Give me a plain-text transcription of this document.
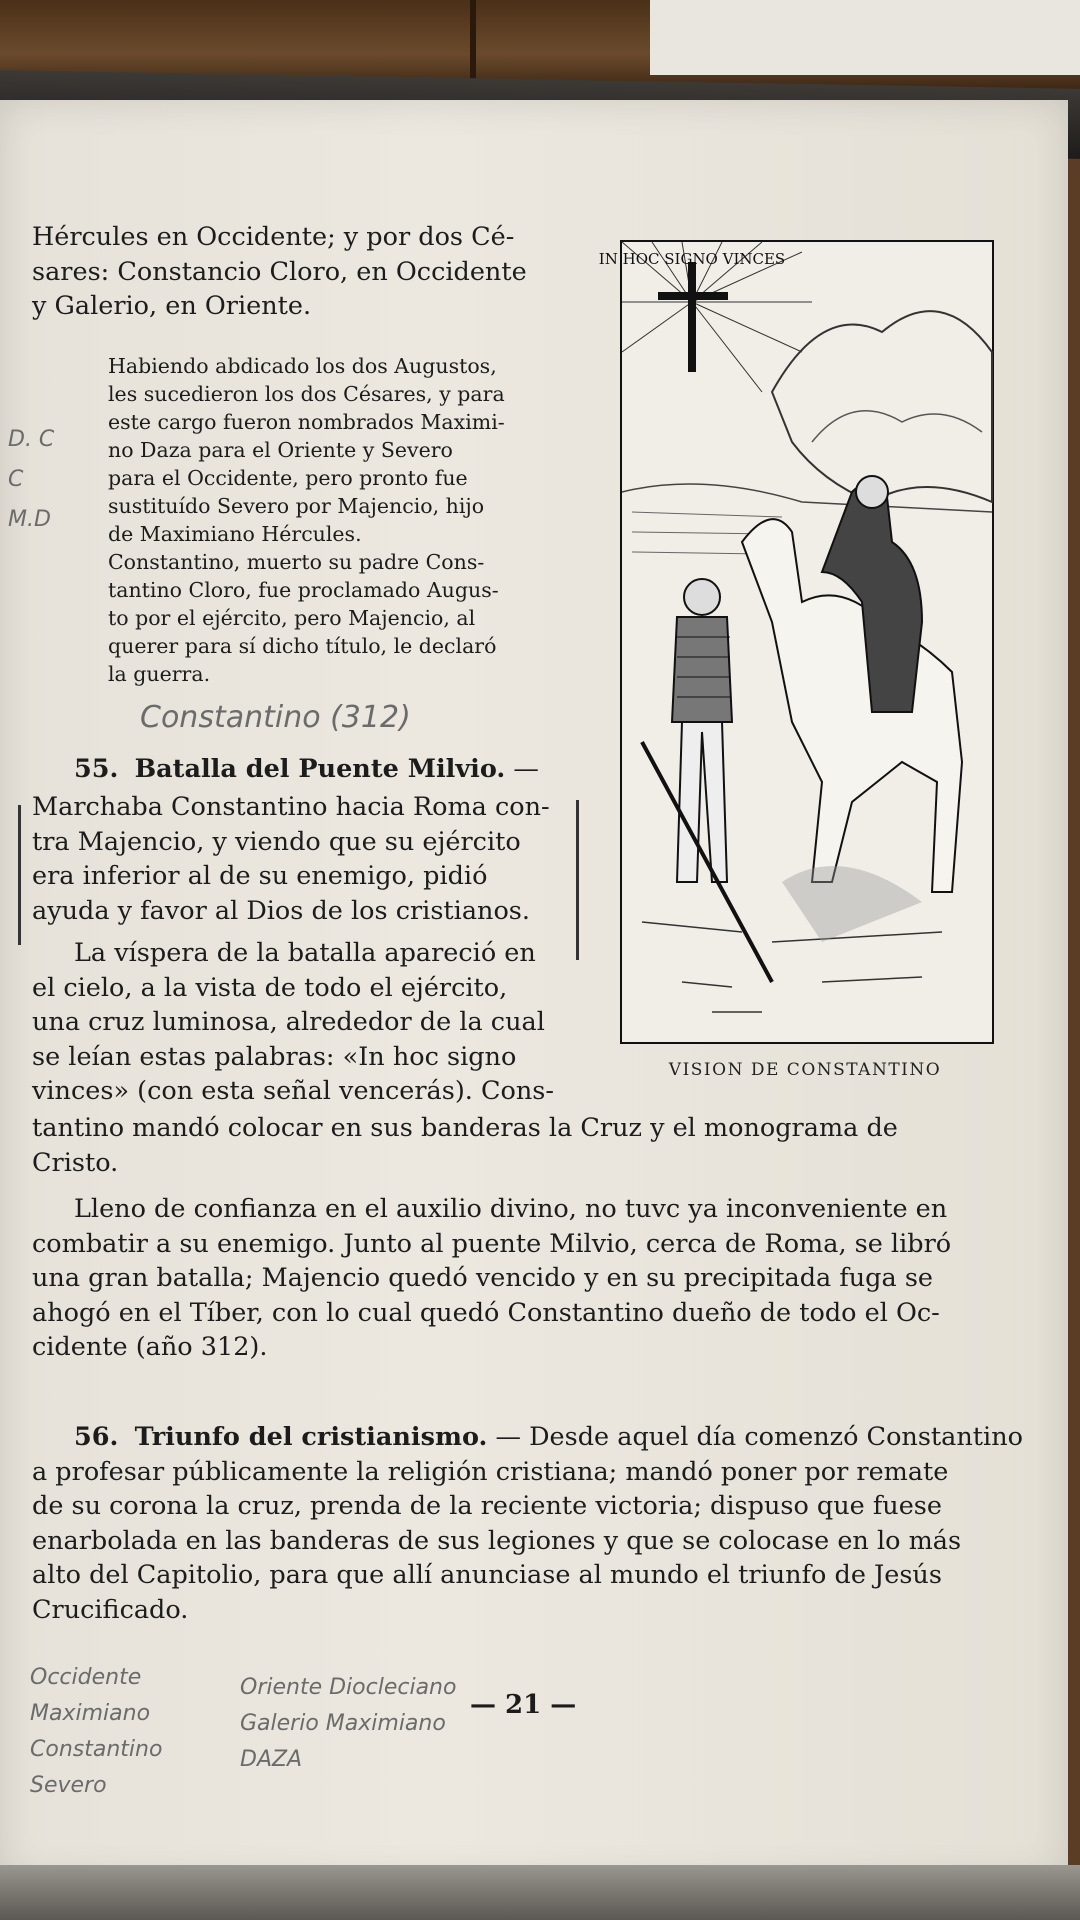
Hércules en Occidente; y por dos Cé-
sares: Constancio Cloro, en Occidente
y Galerio, en Oriente.
Habiendo abdicado los dos Augustos,
les sucedieron los dos Césares, y para
este cargo fueron nombrados Maximi-
no Daza para el Oriente y Severo
para el Occidente, pero pronto fue
sustituído Severo por Majencio, hijo
de Maximiano Hércules.
Constantino, muerto su padre Cons-
tantino Cloro, fue proclamado Augus-
to por el ejército, pero Majencio, al
querer para sí dicho título, le declaró
la guerra.
Constantino (312)
D. C C M.D
55. Batalla del Puente Milvio. —
Marchaba Constantino hacia Roma con-
tra Majencio, y viendo que su ejército
era inferior al de su enemigo, pidió
ayuda y favor al Dios de los cristianos.
La víspera de la batalla apareció en
el cielo, a la vista de todo el ejército,
una cruz luminosa, alrededor de la cual
se leían estas palabras: «In hoc signo
vinces» (con esta señal vencerás). Cons-
tantino mandó colocar en sus banderas la Cruz y el monograma de
Cristo.
Lleno de confianza en el auxilio divino, no tuvc ya inconveniente en
combatir a su enemigo. Junto al puente Milvio, cerca de Roma, se libró
una gran batalla; Majencio quedó vencido y en su precipitada fuga se
ahogó en el Tíber, con lo cual quedó Constantino dueño de todo el Oc-
cidente (año 312).
56. Triunfo del cristianismo. — Desde aquel día comenzó Constantino
a profesar públicamente la religión cristiana; mandó poner por remate
de su corona la cruz, prenda de la reciente victoria; dispuso que fuese
enarbolada en las banderas de sus legiones y que se colocase en lo más
alto del Capitolio, para que allí anunciase al mundo el triunfo de Jesús
Crucificado.
IN HOC SIGNO VINCES
VISION DE CONSTANTINO
— 21 —
Occidente Maximiano Constantino Severo
Oriente Diocleciano Galerio Maximiano DAZA
